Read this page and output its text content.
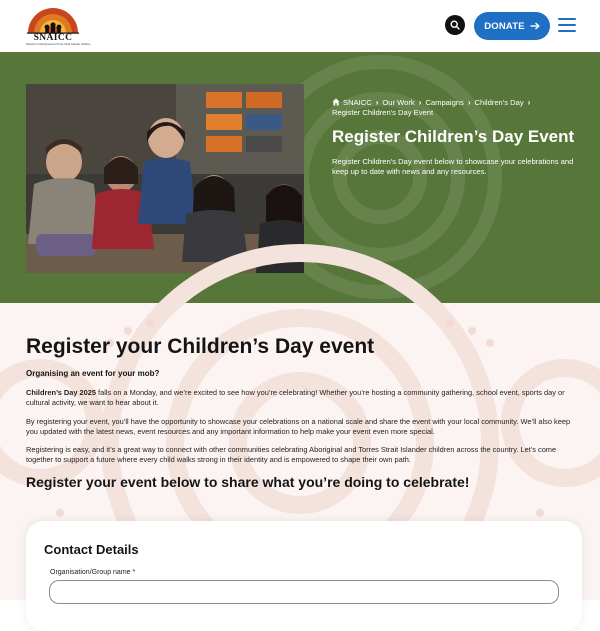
SNAICC
Network of Aboriginal and Torres Strait Islander Children
DONATE
SNAICC › Our Work › Campaigns › Children's Day ›
Register Children's Day Event
Register Children’s Day Event
Register Children’s Day event below to showcase your celebrations and keep up to date with news and any resources.
Register your Children’s Day event
Organising an event for your mob?
Children’s Day 2025 falls on a Monday, and we’re excited to see how you’re celebrating! Whether you’re hosting a community gathering, school event, sports day or cultural activity, we want to hear about it.
By registering your event, you’ll have the opportunity to showcase your celebrations on a national scale and share the event with your local community. We’ll also keep you updated with the latest news, event resources and any important information to help make your event even more special.
Registering is easy, and it’s a great way to connect with other communities celebrating Aboriginal and Torres Strait Islander children across the country. Let’s come together to support a future where every child walks strong in their identity and is empowered to shape their own path.
Register your event below to share what you’re doing to celebrate!
Contact Details
Organisation/Group name *
